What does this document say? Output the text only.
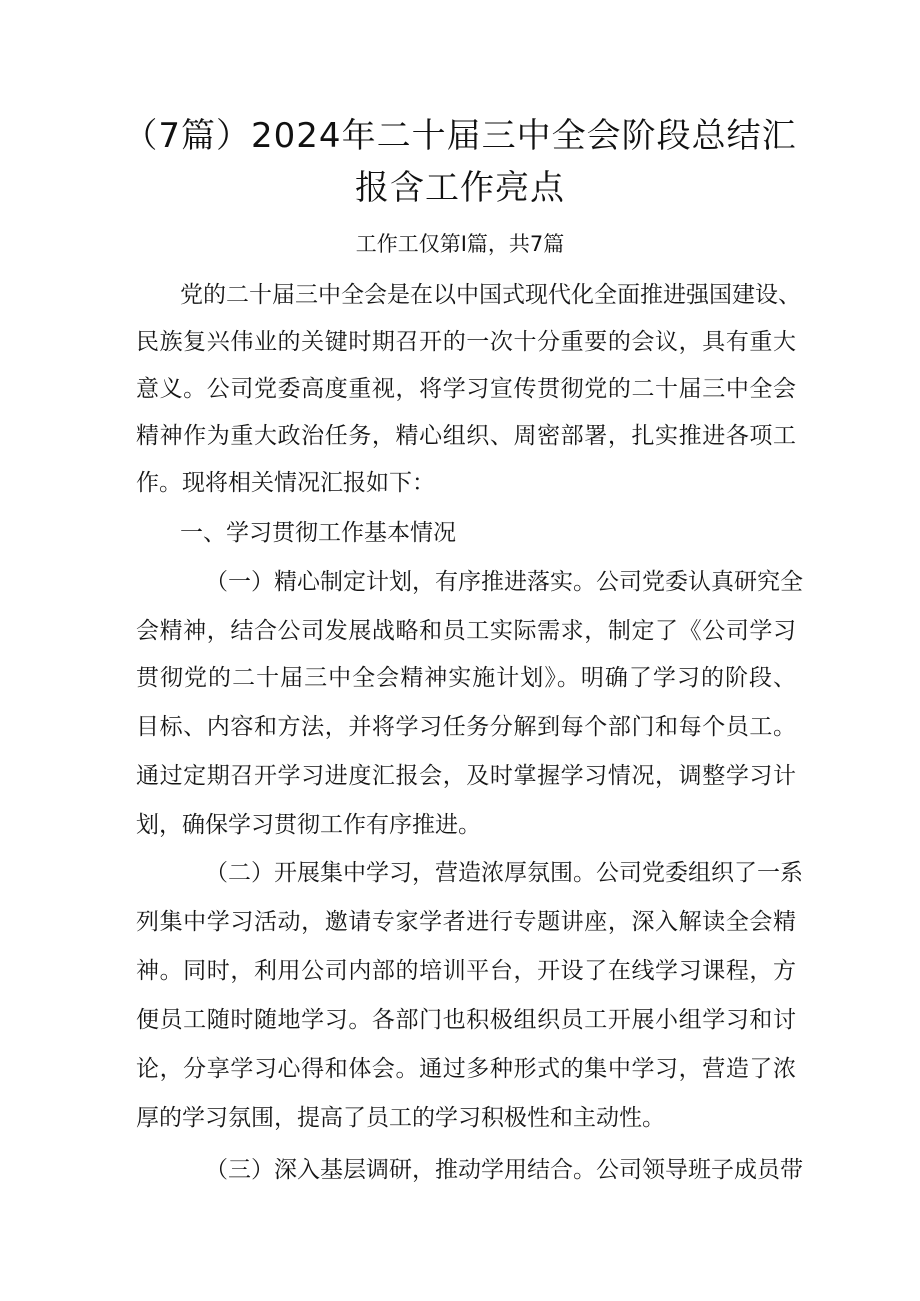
（7篇）2024年二十届三中全会阶段总结汇
报含工作亮点
工作工仅第Ⅰ篇，共7篇
党的二十届三中全会是在以中国式现代化全面推进强国建设、
民族复兴伟业的关键时期召开的一次十分重要的会议，具有重大
意义。公司党委高度重视，将学习宣传贯彻党的二十届三中全会
精神作为重大政治任务，精心组织、周密部署，扎实推进各项工
作。现将相关情况汇报如下：
一、学习贯彻工作基本情况
（一）精心制定计划，有序推进落实。公司党委认真研究全
会精神，结合公司发展战略和员工实际需求，制定了《公司学习
贯彻党的二十届三中全会精神实施计划》。明确了学习的阶段、
目标、内容和方法，并将学习任务分解到每个部门和每个员工。
通过定期召开学习进度汇报会，及时掌握学习情况，调整学习计
划，确保学习贯彻工作有序推进。
（二）开展集中学习，营造浓厚氛围。公司党委组织了一系
列集中学习活动，邀请专家学者进行专题讲座，深入解读全会精
神。同时，利用公司内部的培训平台，开设了在线学习课程，方
便员工随时随地学习。各部门也积极组织员工开展小组学习和讨
论，分享学习心得和体会。通过多种形式的集中学习，营造了浓
厚的学习氛围，提高了员工的学习积极性和主动性。
（三）深入基层调研，推动学用结合。公司领导班子成员带
